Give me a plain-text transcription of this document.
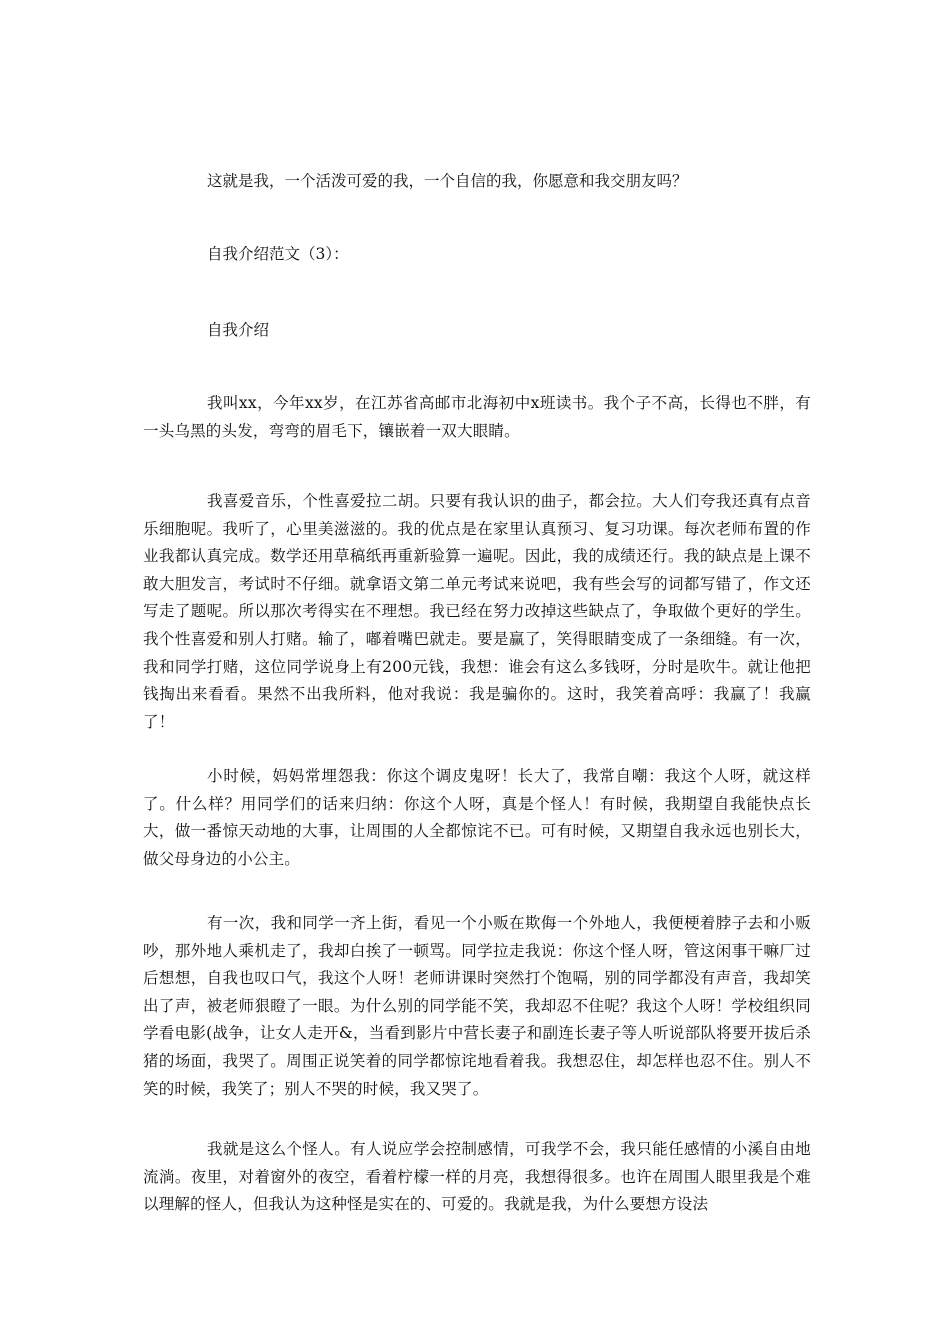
这就是我，一个活泼可爱的我，一个自信的我，你愿意和我交朋友吗？

自我介绍范文（3）：

自我介绍

我叫xx，今年xx岁，在江苏省高邮市北海初中x班读书。我个子不高，长得也不胖，有一头乌黑的头发，弯弯的眉毛下，镶嵌着一双大眼睛。

我喜爱音乐，个性喜爱拉二胡。只要有我认识的曲子，都会拉。大人们夸我还真有点音乐细胞呢。我听了，心里美滋滋的。我的优点是在家里认真预习、复习功课。每次老师布置的作业我都认真完成。数学还用草稿纸再重新验算一遍呢。因此，我的成绩还行。我的缺点是上课不敢大胆发言，考试时不仔细。就拿语文第二单元考试来说吧，我有些会写的词都写错了，作文还写走了题呢。所以那次考得实在不理想。我已经在努力改掉这些缺点了，争取做个更好的学生。我个性喜爱和别人打赌。输了，嘟着嘴巴就走。要是赢了，笑得眼睛变成了一条细缝。有一次，我和同学打赌，这位同学说身上有200元钱，我想：谁会有这么多钱呀，分时是吹牛。就让他把钱掏出来看看。果然不出我所料，他对我说：我是骗你的。这时，我笑着高呼：我赢了！我赢了！

小时候，妈妈常埋怨我：你这个调皮鬼呀！长大了，我常自嘲：我这个人呀，就这样了。什么样？用同学们的话来归纳：你这个人呀，真是个怪人！有时候，我期望自我能快点长大，做一番惊天动地的大事，让周围的人全都惊诧不已。可有时候，又期望自我永远也别长大，做父母身边的小公主。

有一次，我和同学一齐上街，看见一个小贩在欺侮一个外地人，我便梗着脖子去和小贩吵，那外地人乘机走了，我却白挨了一顿骂。同学拉走我说：你这个怪人呀，管这闲事干嘛厂过后想想，自我也叹口气，我这个人呀！老师讲课时突然打个饱嗝，别的同学都没有声音，我却笑出了声，被老师狠瞪了一眼。为什么别的同学能不笑，我却忍不住呢？我这个人呀！学校组织同学看电影(战争，让女人走开&，当看到影片中营长妻子和副连长妻子等人听说部队将要开拔后杀猪的场面，我哭了。周围正说笑着的同学都惊诧地看着我。我想忍住，却怎样也忍不住。别人不笑的时候，我笑了；别人不哭的时候，我又哭了。

我就是这么个怪人。有人说应学会控制感情，可我学不会，我只能任感情的小溪自由地流淌。夜里，对着窗外的夜空，看着柠檬一样的月亮，我想得很多。也许在周围人眼里我是个难以理解的怪人，但我认为这种怪是实在的、可爱的。我就是我，为什么要想方设法
